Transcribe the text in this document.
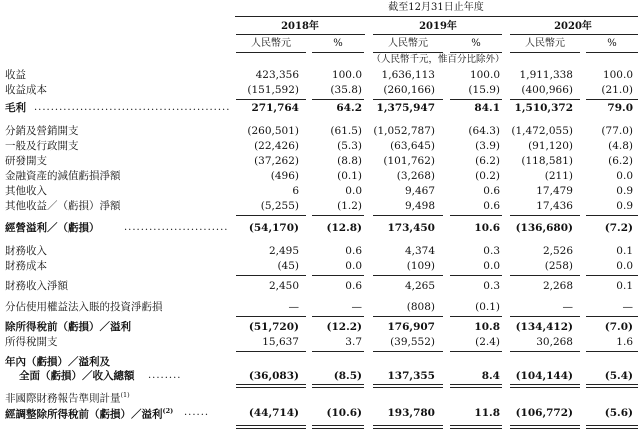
截至12月31日止年度
2018年	2019年	2020年
人民幣元	%	人民幣元	%	人民幣元	%
（人民幣千元，惟百分比除外）
收益	423,356	100.0 1,636,113	100.0 1,911,338	100.0
收益成本	(151,592)	(35.8) (260,166)	(15.9) (400,966)	(21.0)
毛利 ............................................... 271,764	64.2 1,375,947	84.1 1,510,372	79.0
分銷及營銷開支	(260,501)	(61.5) (1,052,787)	(64.3) (1,472,055)	(77.0)
一般及行政開支	(22,426)	(5.3)	(63,645)	(3.9)	(91,120)	(4.8)
研發開支	(37,262)	(8.8) (101,762)	(6.2) (118,581)	(6.2)
金融資產的減值虧損淨額	(496)	(0.1)	(3,268)	(0.2)	(211)	0.0
其他收入	6	0.0	9,467	0.6	17,479	0.9
其他收益／（虧損）淨額	(5,255)	(1.2)	9,498	0.6	17,436	0.9
經營溢利／（虧損） ......................... (54,170)	(12.8) 173,450	10.6 (136,680)	(7.2)
財務收入	2,495	0.6	4,374	0.3	2,526	0.1
財務成本	(45)	0.0	(109)	0.0	(258)	0.0
財務收入淨額	2,450	0.6	4,265	0.3	2,268	0.1
分佔使用權益法入賬的投資淨虧損	—	—	(808)	(0.1)	—	—
除所得稅前（虧損）／溢利	(51,720)	(12.2) 176,907	10.8 (134,412)	(7.0)
所得稅開支	15,637	3.7	(39,552)	(2.4)	30,268	1.6
年內（虧損）／溢利及
全面（虧損）／收入總額 ........	(36,083)	(8.5) 137,355	8.4 (104,144)	(5.4)
非國際財務報告準則計量$^{(1)}$
經調整除所得稅前（虧損）／溢利$^{(2)}$ ......	(44,714)	(10.6) 193,780	11.8 (106,772)	(5.6)
